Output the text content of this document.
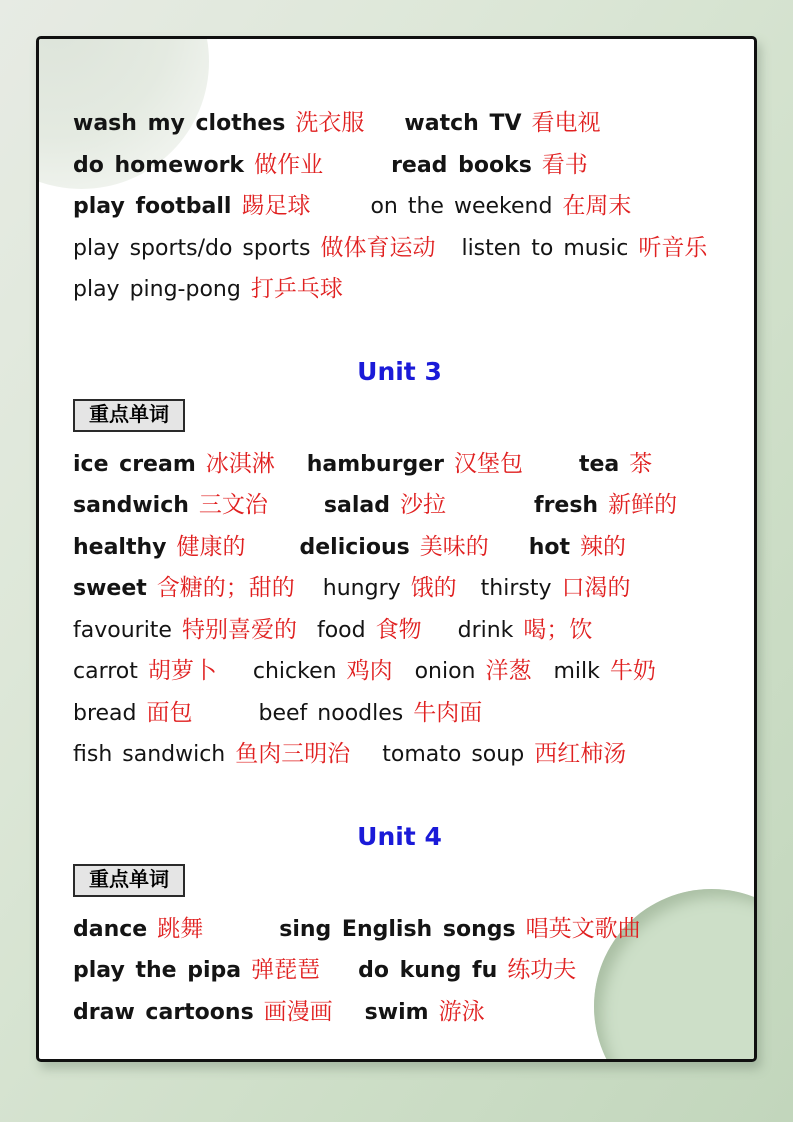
wash my clothes 洗衣服 watch TV 看电视
do homework 做作业	read books 看书
play football 踢足球	on the weekend 在周末
play sports/do sports 做体育运动 listen to music 听音乐
play ping-pong 打乒乓球
Unit 3
重点单词
ice cream 冰淇淋 hamburger 汉堡包	tea 茶
sandwich 三文治	salad 沙拉	fresh 新鲜的
healthy 健康的 delicious 美味的 hot 辣的
sweet 含糖的；甜的 hungry 饿的 thirsty 口渴的
favourite 特别喜爱的 food 食物 drink 喝；饮
carrot 胡萝卜 chicken 鸡肉 onion 洋葱 milk 牛奶
bread 面包	beef noodles 牛肉面
fish sandwich 鱼肉三明治 tomato soup 西红柿汤
Unit 4
重点单词
dance 跳舞	sing English songs 唱英文歌曲
play the pipa 弹琵琶 do kung fu 练功夫
draw cartoons 画漫画 swim 游泳
